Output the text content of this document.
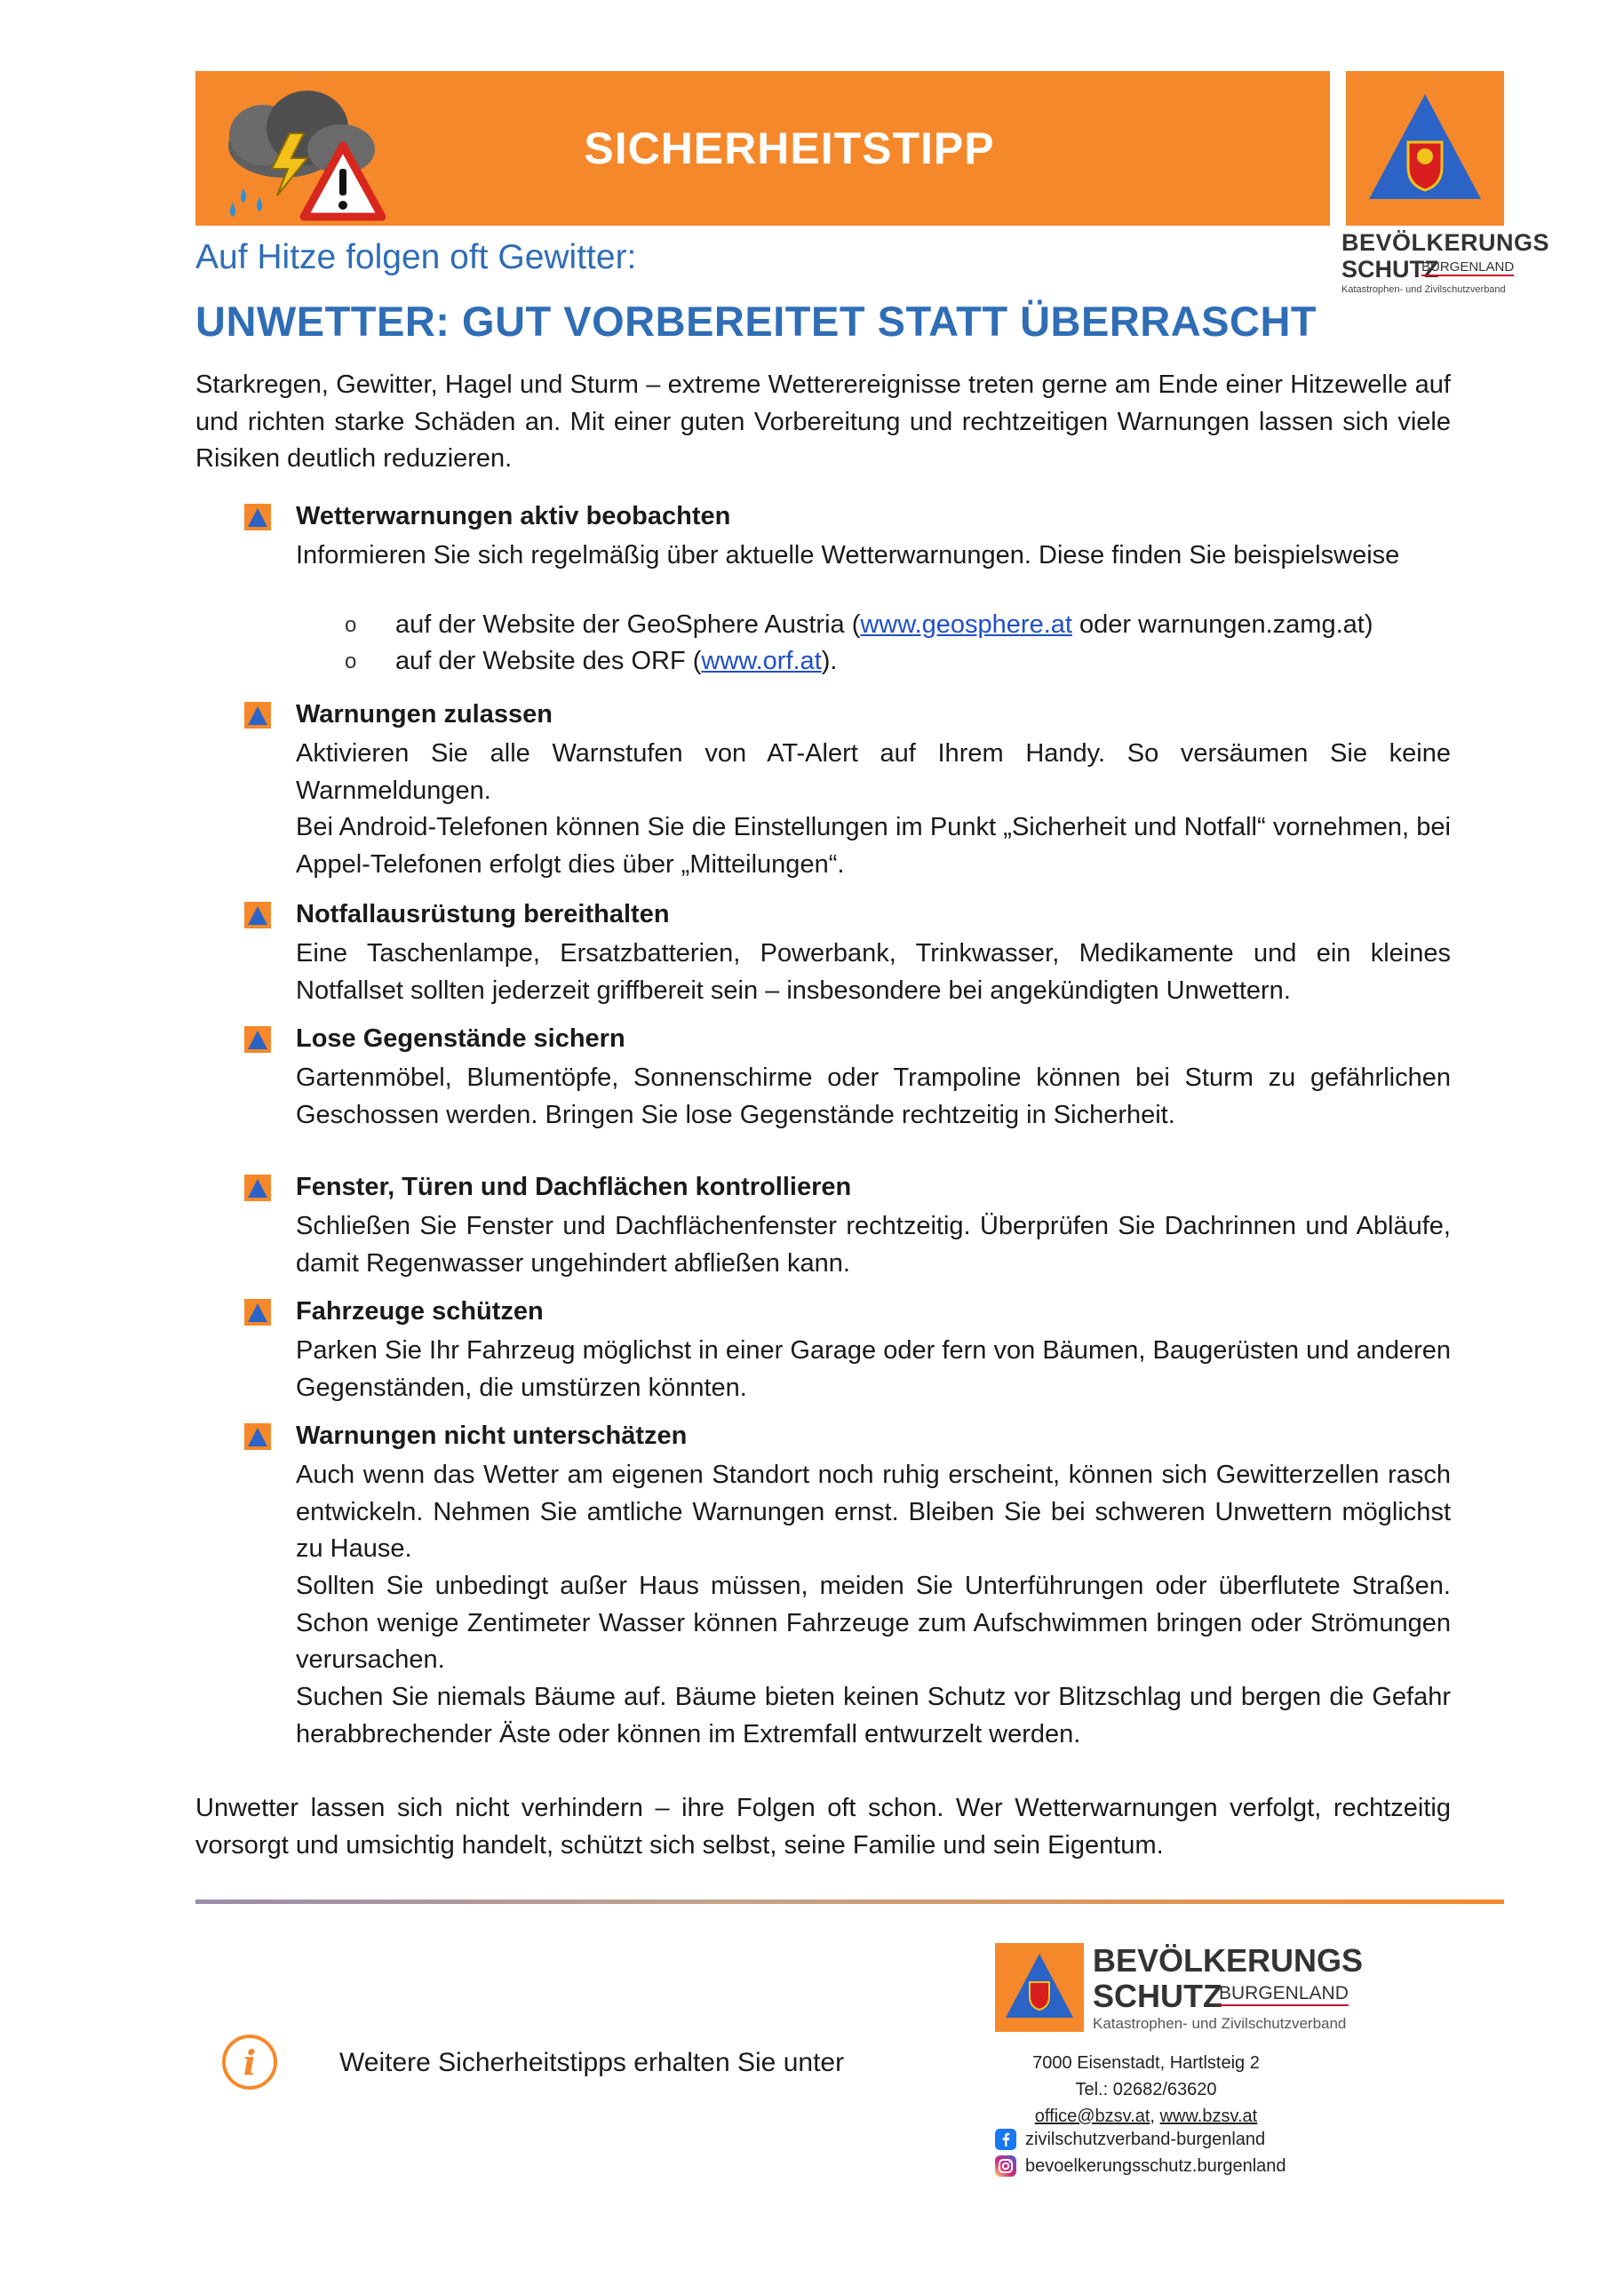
SICHERHEITSTIPP
BEVÖLKERUNGS
SCHUTZ
BURGENLAND
Katastrophen- und Zivilschutzverband
Auf Hitze folgen oft Gewitter:
UNWETTER: GUT VORBEREITET STATT ÜBERRASCHT
Starkregen, Gewitter, Hagel und Sturm – extreme Wetterereignisse treten gerne am Ende einer Hitzewelle auf und richten starke Schäden an. Mit einer guten Vorbereitung und rechtzeitigen Warnungen lassen sich viele Risiken deutlich reduzieren.
Wetterwarnungen aktiv beobachten
Informieren Sie sich regelmäßig über aktuelle Wetterwarnungen. Diese finden Sie beispielsweise
o auf der Website der GeoSphere Austria (www.geosphere.at oder warnungen.zamg.at)
o auf der Website des ORF (www.orf.at).
Warnungen zulassen
Aktivieren Sie alle Warnstufen von AT-Alert auf Ihrem Handy. So versäumen Sie keine Warnmeldungen.
Bei Android-Telefonen können Sie die Einstellungen im Punkt „Sicherheit und Notfall“ vornehmen, bei Appel-Telefonen erfolgt dies über „Mitteilungen“.
Notfallausrüstung bereithalten
Eine Taschenlampe, Ersatzbatterien, Powerbank, Trinkwasser, Medikamente und ein kleines Notfallset sollten jederzeit griffbereit sein – insbesondere bei angekündigten Unwettern.
Lose Gegenstände sichern
Gartenmöbel, Blumentöpfe, Sonnenschirme oder Trampoline können bei Sturm zu gefährlichen Geschossen werden. Bringen Sie lose Gegenstände rechtzeitig in Sicherheit.
Fenster, Türen und Dachflächen kontrollieren
Schließen Sie Fenster und Dachflächenfenster rechtzeitig. Überprüfen Sie Dachrinnen und Abläufe, damit Regenwasser ungehindert abfließen kann.
Fahrzeuge schützen
Parken Sie Ihr Fahrzeug möglichst in einer Garage oder fern von Bäumen, Baugerüsten und anderen Gegenständen, die umstürzen könnten.
Warnungen nicht unterschätzen
Auch wenn das Wetter am eigenen Standort noch ruhig erscheint, können sich Gewitterzellen rasch entwickeln. Nehmen Sie amtliche Warnungen ernst. Bleiben Sie bei schweren Unwettern möglichst zu Hause.
Sollten Sie unbedingt außer Haus müssen, meiden Sie Unterführungen oder überflutete Straßen. Schon wenige Zentimeter Wasser können Fahrzeuge zum Aufschwimmen bringen oder Strömungen verursachen.
Suchen Sie niemals Bäume auf. Bäume bieten keinen Schutz vor Blitzschlag und bergen die Gefahr herabbrechender Äste oder können im Extremfall entwurzelt werden.
Unwetter lassen sich nicht verhindern – ihre Folgen oft schon. Wer Wetterwarnungen verfolgt, rechtzeitig vorsorgt und umsichtig handelt, schützt sich selbst, seine Familie und sein Eigentum.
i	Weitere Sicherheitstipps erhalten Sie unter
BEVÖLKERUNGS
SCHUTZ
BURGENLAND
Katastrophen- und Zivilschutzverband
7000 Eisenstadt, Hartlsteig 2
Tel.: 02682/63620
office@bzsv.at, www.bzsv.at
zivilschutzverband-burgenland
bevoelkerungsschutz.burgenland
